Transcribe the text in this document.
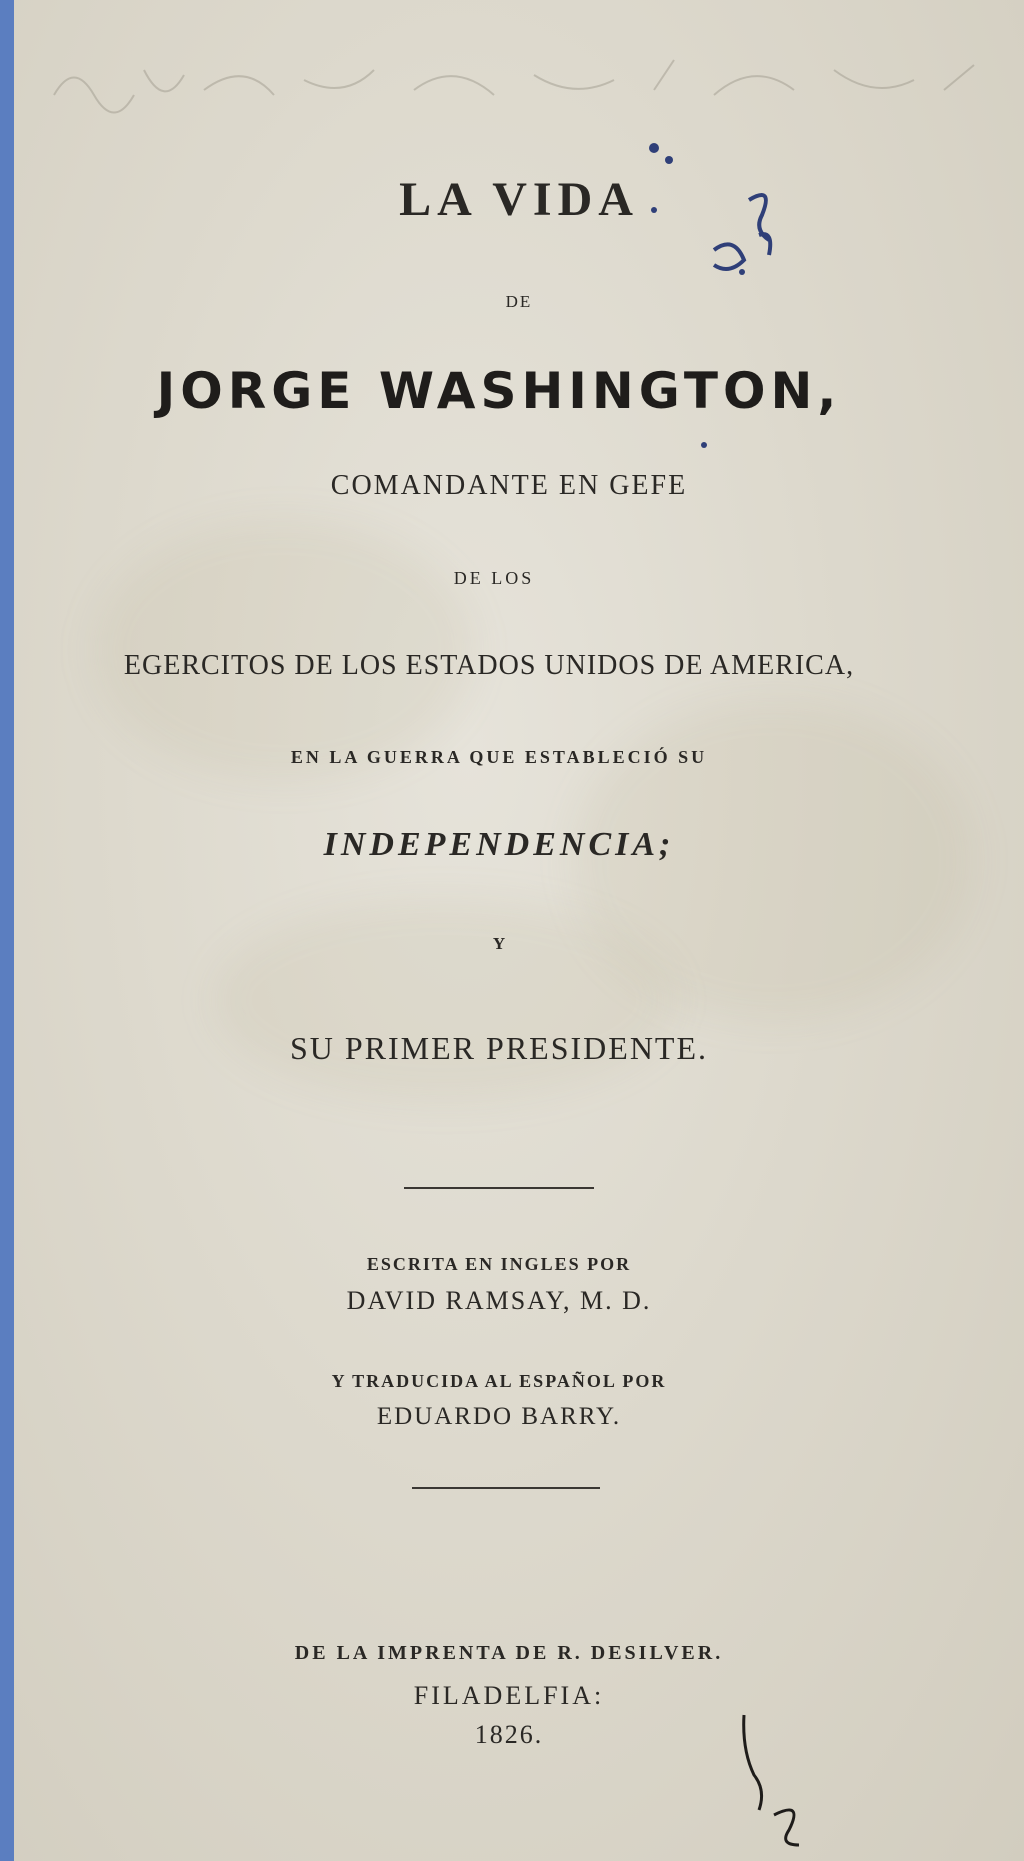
LA VIDA
DE
JORGE WASHINGTON,
COMANDANTE EN GEFE
DE LOS
EGERCITOS DE LOS ESTADOS UNIDOS DE AMERICA,
EN LA GUERRA QUE ESTABLECIÓ SU
INDEPENDENCIA;
Y
SU PRIMER PRESIDENTE.
ESCRITA EN INGLES POR
DAVID RAMSAY, M. D.
Y TRADUCIDA AL ESPAÑOL POR
EDUARDO BARRY.
DE LA IMPRENTA DE R. DESILVER.
FILADELFIA:
1826.
